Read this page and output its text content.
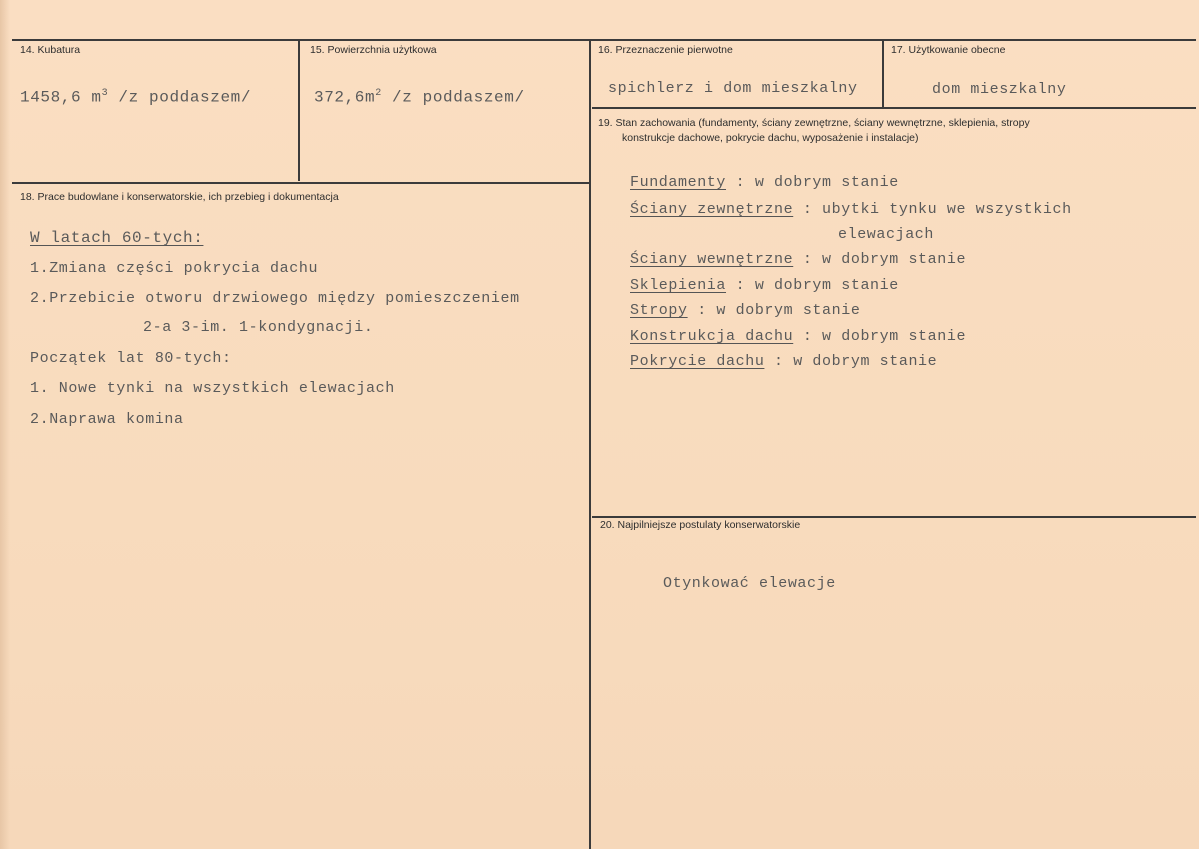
14. Kubatura
1458,6 $m^3$ /z poddaszem/
15. Powierzchnia użytkowa
$372,6m^2$ /z poddaszem/
16. Przeznaczenie pierwotne
spichlerz i dom mieszkalny
17. Użytkowanie obecne
dom mieszkalny
18. Prace budowlane i konserwatorskie, ich przebieg i dokumentacja
W latach 60-tych:
1.Zmiana części pokrycia dachu
2.Przebicie otworu drzwiowego między pomieszczeniem
2-a 3-im. 1-kondygnacji.
Początek lat 80-tych:
1. Nowe tynki na wszystkich elewacjach
2.Naprawa komina
19. Stan zachowania (fundamenty, ściany zewnętrzne, ściany wewnętrzne, sklepienia, stropy
konstrukcje dachowe, pokrycie dachu, wyposażenie i instalacje)
Fundamenty : w dobrym stanie
Ściany zewnętrzne : ubytki tynku we wszystkich
elewacjach
Ściany wewnętrzne : w dobrym stanie
Sklepienia : w dobrym stanie
Stropy : w dobrym stanie
Konstrukcja dachu : w dobrym stanie
Pokrycie dachu : w dobrym stanie
20. Najpilniejsze postulaty konserwatorskie
Otynkować elewacje
